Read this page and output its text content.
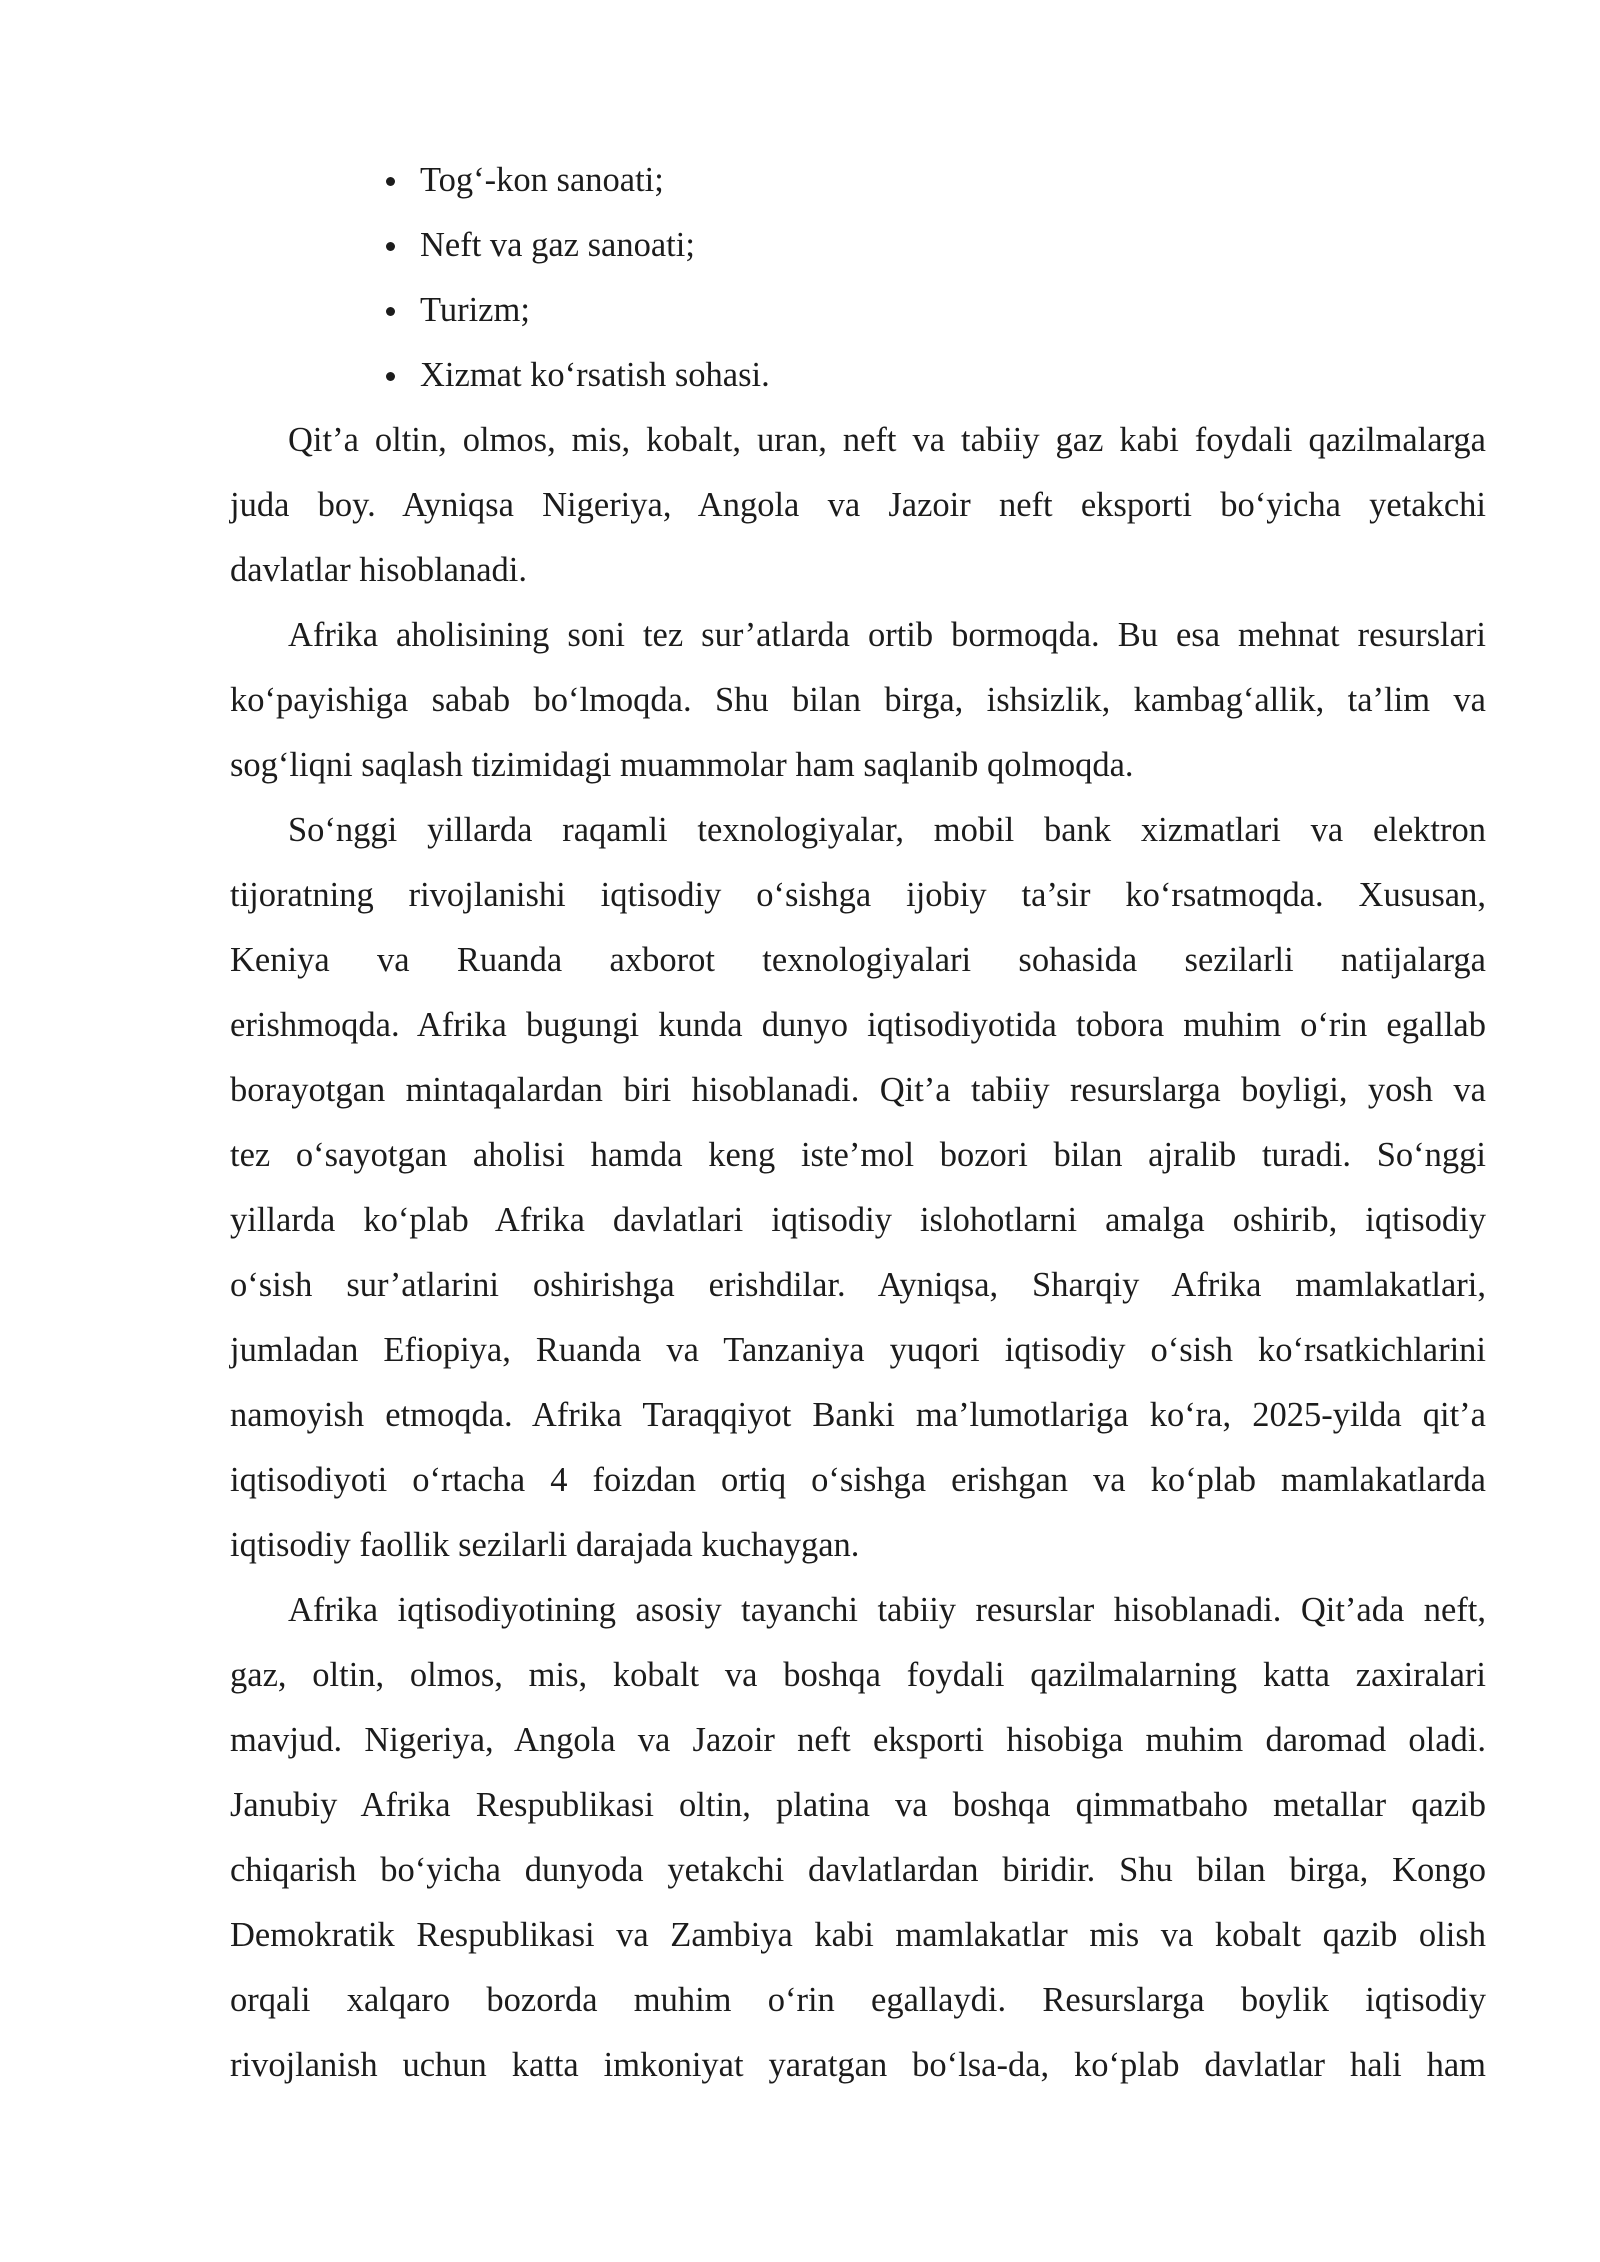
Tog‘-kon sanoati;
Neft va gaz sanoati;
Turizm;
Xizmat ko‘rsatish sohasi.
Qit’a oltin, olmos, mis, kobalt, uran, neft va tabiiy gaz kabi foydali qazilmalarga
juda boy. Ayniqsa Nigeriya, Angola va Jazoir neft eksporti bo‘yicha yetakchi
davlatlar hisoblanadi.
Afrika aholisining soni tez sur’atlarda ortib bormoqda. Bu esa mehnat resurslari
ko‘payishiga sabab bo‘lmoqda. Shu bilan birga, ishsizlik, kambag‘allik, ta’lim va
sog‘liqni saqlash tizimidagi muammolar ham saqlanib qolmoqda.
So‘nggi yillarda raqamli texnologiyalar, mobil bank xizmatlari va elektron
tijoratning rivojlanishi iqtisodiy o‘sishga ijobiy ta’sir ko‘rsatmoqda. Xususan,
Keniya va Ruanda axborot texnologiyalari sohasida sezilarli natijalarga
erishmoqda. Afrika bugungi kunda dunyo iqtisodiyotida tobora muhim o‘rin egallab
borayotgan mintaqalardan biri hisoblanadi. Qit’a tabiiy resurslarga boyligi, yosh va
tez o‘sayotgan aholisi hamda keng iste’mol bozori bilan ajralib turadi. So‘nggi
yillarda ko‘plab Afrika davlatlari iqtisodiy islohotlarni amalga oshirib, iqtisodiy
o‘sish sur’atlarini oshirishga erishdilar. Ayniqsa, Sharqiy Afrika mamlakatlari,
jumladan Efiopiya, Ruanda va Tanzaniya yuqori iqtisodiy o‘sish ko‘rsatkichlarini
namoyish etmoqda. Afrika Taraqqiyot Banki ma’lumotlariga ko‘ra, 2025-yilda qit’a
iqtisodiyoti o‘rtacha 4 foizdan ortiq o‘sishga erishgan va ko‘plab mamlakatlarda
iqtisodiy faollik sezilarli darajada kuchaygan.
Afrika iqtisodiyotining asosiy tayanchi tabiiy resurslar hisoblanadi. Qit’ada neft,
gaz, oltin, olmos, mis, kobalt va boshqa foydali qazilmalarning katta zaxiralari
mavjud. Nigeriya, Angola va Jazoir neft eksporti hisobiga muhim daromad oladi.
Janubiy Afrika Respublikasi oltin, platina va boshqa qimmatbaho metallar qazib
chiqarish bo‘yicha dunyoda yetakchi davlatlardan biridir. Shu bilan birga, Kongo
Demokratik Respublikasi va Zambiya kabi mamlakatlar mis va kobalt qazib olish
orqali xalqaro bozorda muhim o‘rin egallaydi. Resurslarga boylik iqtisodiy
rivojlanish uchun katta imkoniyat yaratgan bo‘lsa-da, ko‘plab davlatlar hali ham
